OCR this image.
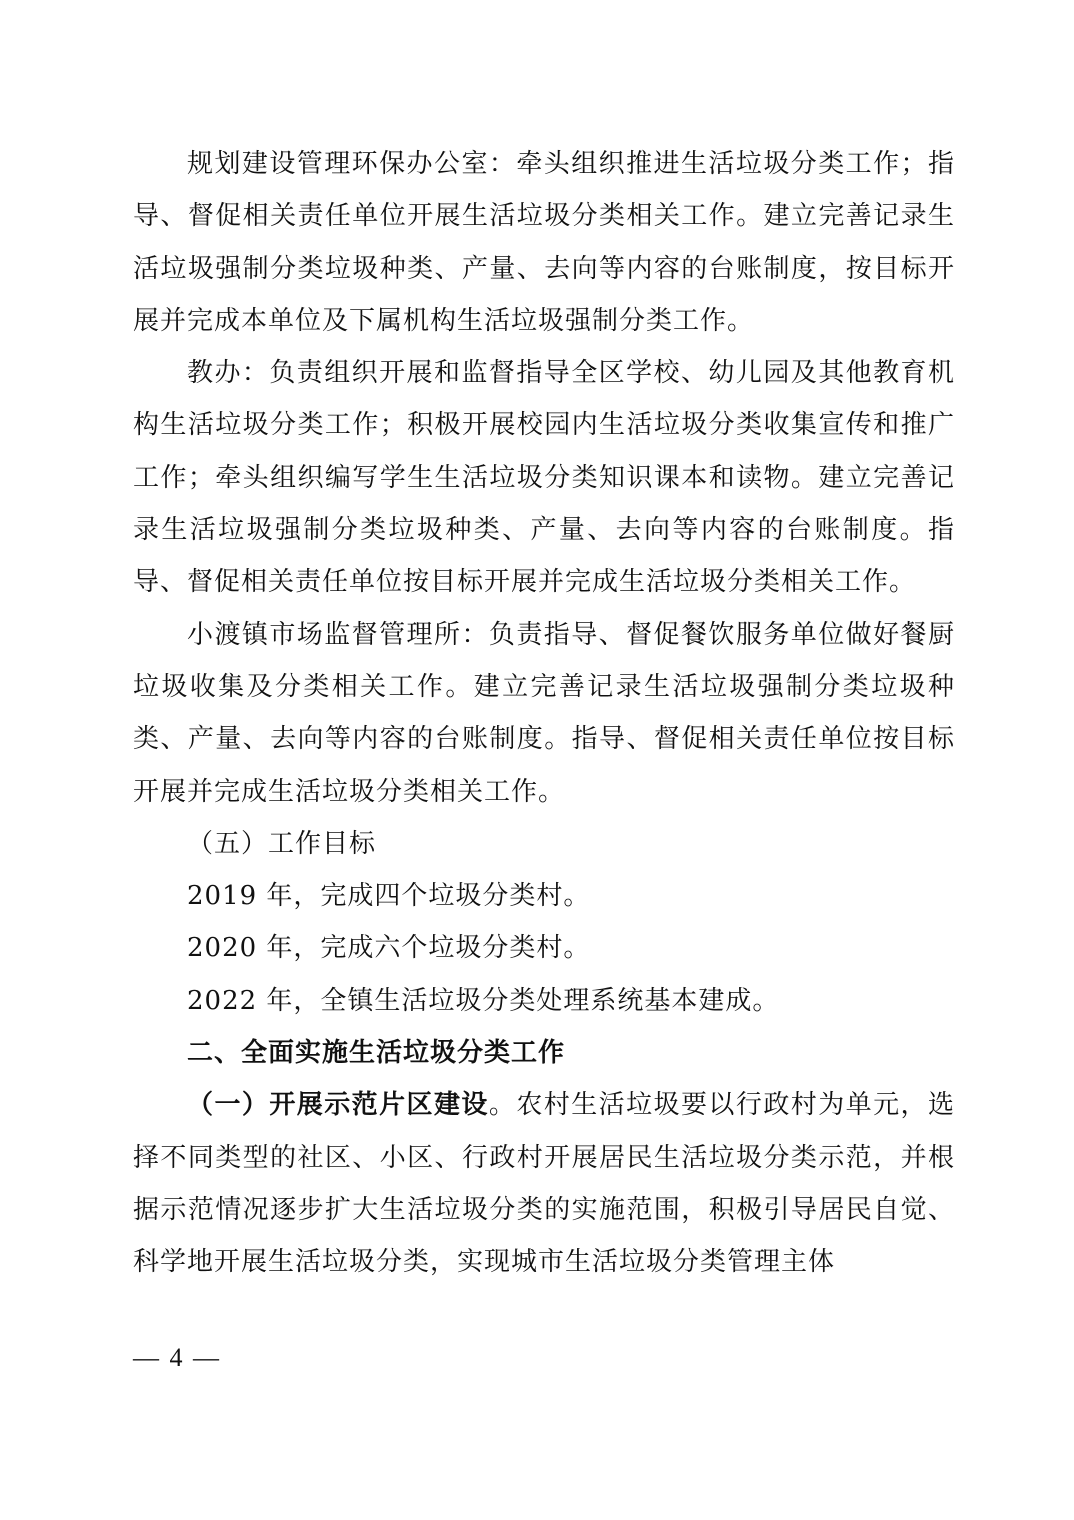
规划建设管理环保办公室：牵头组织推进生活垃圾分类工作；指导、督促相关责任单位开展生活垃圾分类相关工作。建立完善记录生活垃圾强制分类垃圾种类、产量、去向等内容的台账制度，按目标开展并完成本单位及下属机构生活垃圾强制分类工作。

教办：负责组织开展和监督指导全区学校、幼儿园及其他教育机构生活垃圾分类工作；积极开展校园内生活垃圾分类收集宣传和推广工作；牵头组织编写学生生活垃圾分类知识课本和读物。建立完善记录生活垃圾强制分类垃圾种类、产量、去向等内容的台账制度。指导、督促相关责任单位按目标开展并完成生活垃圾分类相关工作。

小渡镇市场监督管理所：负责指导、督促餐饮服务单位做好餐厨垃圾收集及分类相关工作。建立完善记录生活垃圾强制分类垃圾种类、产量、去向等内容的台账制度。指导、督促相关责任单位按目标开展并完成生活垃圾分类相关工作。

（五）工作目标

2019 年，完成四个垃圾分类村。

2020 年，完成六个垃圾分类村。

2022 年，全镇生活垃圾分类处理系统基本建成。

二、全面实施生活垃圾分类工作

（一）开展示范片区建设。农村生活垃圾要以行政村为单元，选择不同类型的社区、小区、行政村开展居民生活垃圾分类示范，并根据示范情况逐步扩大生活垃圾分类的实施范围，积极引导居民自觉、科学地开展生活垃圾分类，实现城市生活垃圾分类管理主体

— 4 —
